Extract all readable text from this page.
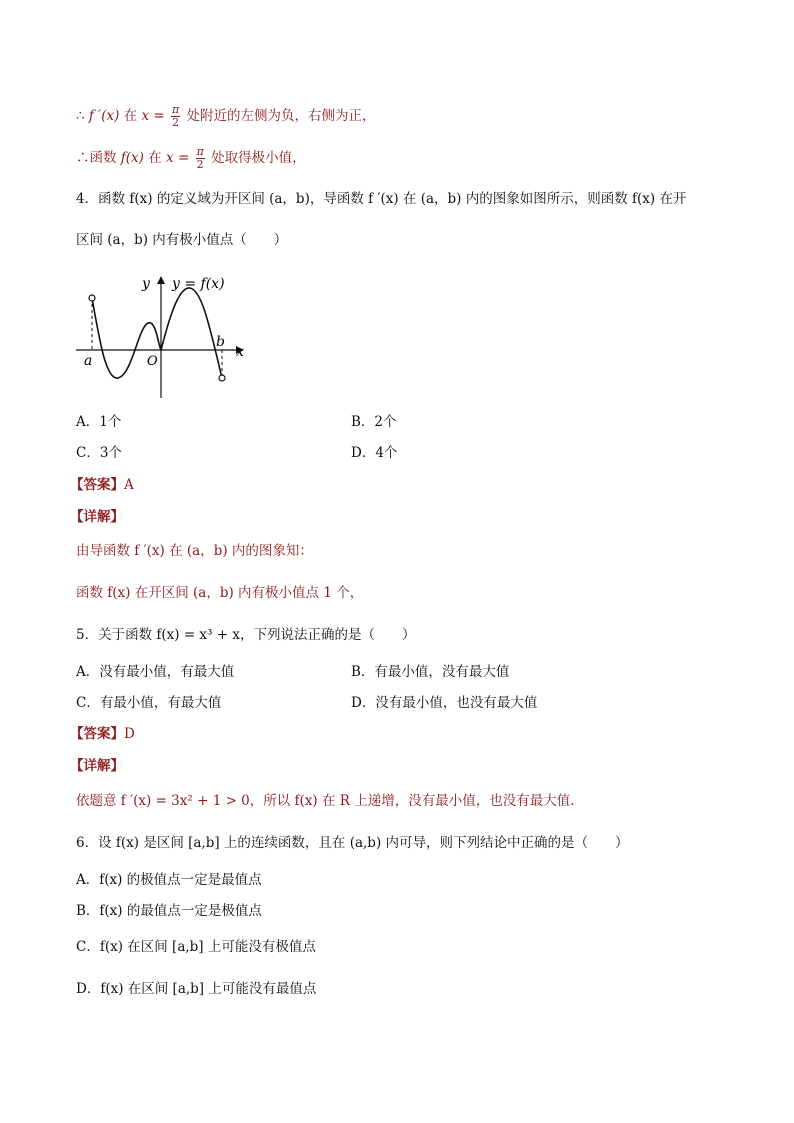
∴ f ′(x) 在 $x = \frac{\pi}{2}$ 处附近的左侧为负，右侧为正，
∴函数 f(x) 在 $x = \frac{\pi}{2}$ 处取得极小值，
4．函数 f(x) 的定义域为开区间 (a，b)，导函数 f ′(x) 在 (a，b) 内的图象如图所示，则函数 f(x) 在开
区间 (a，b) 内有极小值点（　　）
y y = f(x)
x
O
a
b
A．1个	B．2个
C．3个	D．4个
【答案】A
【详解】
由导函数 f ′(x) 在 (a，b) 内的图象知：
函数 f(x) 在开区间 (a，b) 内有极小值点 1 个，
5．关于函数 f(x) = x³ + x，下列说法正确的是（　　）
A．没有最小值，有最大值	B．有最小值，没有最大值
C．有最小值，有最大值	D．没有最小值，也没有最大值
【答案】D
【详解】
依题意 f ′(x) = 3x² + 1 > 0，所以 f(x) 在 R 上递增，没有最小值，也没有最大值.
6．设 f(x) 是区间 [a,b] 上的连续函数，且在 (a,b) 内可导，则下列结论中正确的是（　　）
A．f(x) 的极值点一定是最值点
B．f(x) 的最值点一定是极值点
C．f(x) 在区间 [a,b] 上可能没有极值点
D．f(x) 在区间 [a,b] 上可能没有最值点
